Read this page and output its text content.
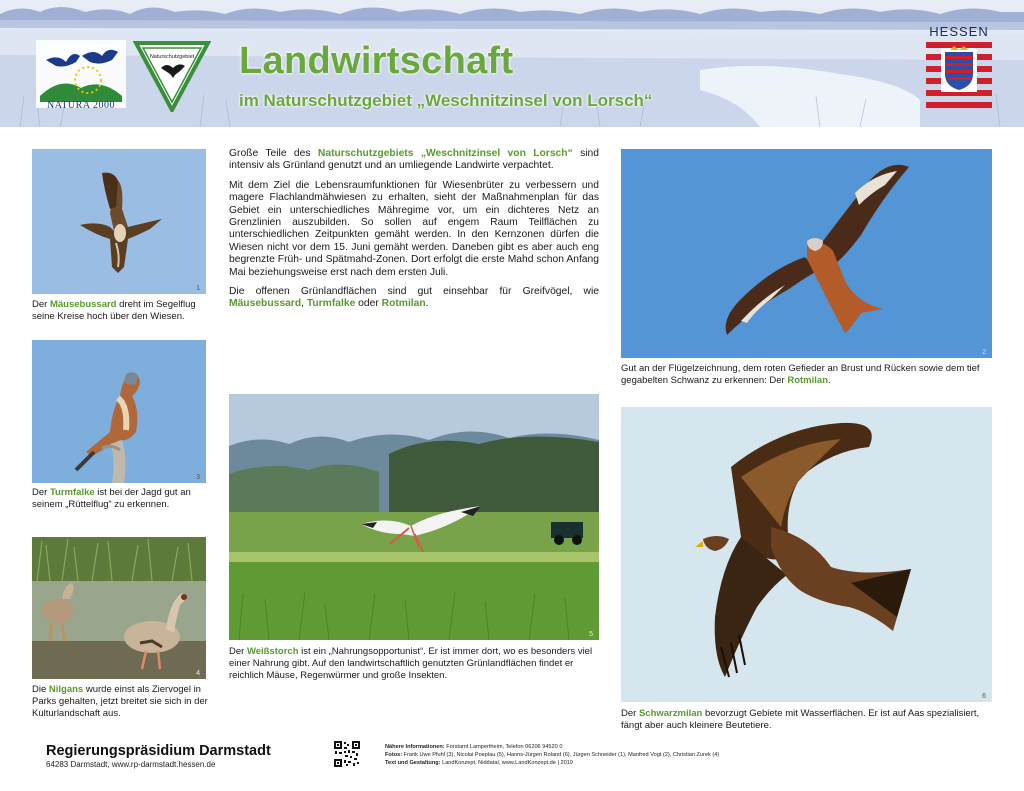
Landwirtschaft
im Naturschutzgebiet „Weschnitzinsel von Lorsch“
NATURA 2000
Naturschutzgebiet
HESSEN
1
Der Mäusebussard dreht im Segelflug seine Kreise hoch über den Wiesen.
3
Der Turmfalke ist bei der Jagd gut an seinem „Rüttelflug“ zu erkennen.
4
Die Nilgans wurde einst als Ziervogel in Parks gehalten, jetzt breitet sie sich in der Kulturlandschaft aus.

Große Teile des Naturschutzgebiets „Weschnitzinsel von Lorsch“ sind intensiv als Grünland genutzt und an umliegende Landwirte verpachtet.

Mit dem Ziel die Lebensraumfunktionen für Wiesenbrüter zu verbessern und magere Flachlandmähwiesen zu erhalten, sieht der Maßnahmenplan für das Gebiet ein unterschiedliches Mähregime vor, um ein dichteres Netz an Grenzlinien auszubilden. So sollen auf engem Raum Teilflächen zu unterschiedlichen Zeitpunkten gemäht werden. In den Kernzonen dürfen die Wiesen nicht vor dem 15. Juni gemäht werden. Daneben gibt es aber auch eng begrenzte Früh- und Spätmahd-Zonen. Dort erfolgt die erste Mahd schon Anfang Mai beziehungsweise erst nach dem ersten Juli.

Die offenen Grünlandflächen sind gut einsehbar für Greifvögel, wie Mäusebussard, Turmfalke oder Rotmilan.

5
Der Weißstorch ist ein „Nahrungsopportunist“. Er ist immer dort, wo es besonders viel einer Nahrung gibt. Auf den landwirtschaftlich genutzten Grünlandflächen findet er reichlich Mäuse, Regenwürmer und große Insekten.
2
Gut an der Flügelzeichnung, dem roten Gefieder an Brust und Rücken sowie dem tief gegabelten Schwanz zu erkennen: Der Rotmilan.
6
Der Schwarzmilan bevorzugt Gebiete mit Wasserflächen. Er ist auf Aas spezialisiert, fängt aber auch kleinere Beutetiere.
Regierungspräsidium Darmstadt
64283 Darmstadt, www.rp-darmstadt.hessen.de
Nähere Informationen: Forstamt Lampertheim, Telefon 06206 94520 0
Fotos: Frank Uwe Pfuhl (3), Nicolai Poeplau (5), Hanns-Jürgen Roland (6), Jürgen Schneider (1), Manfred Vogt (2), Christian Zurek (4)
Text und Gestaltung: LandKonzept, Niddatal, www.LandKonzept.de | 2019
